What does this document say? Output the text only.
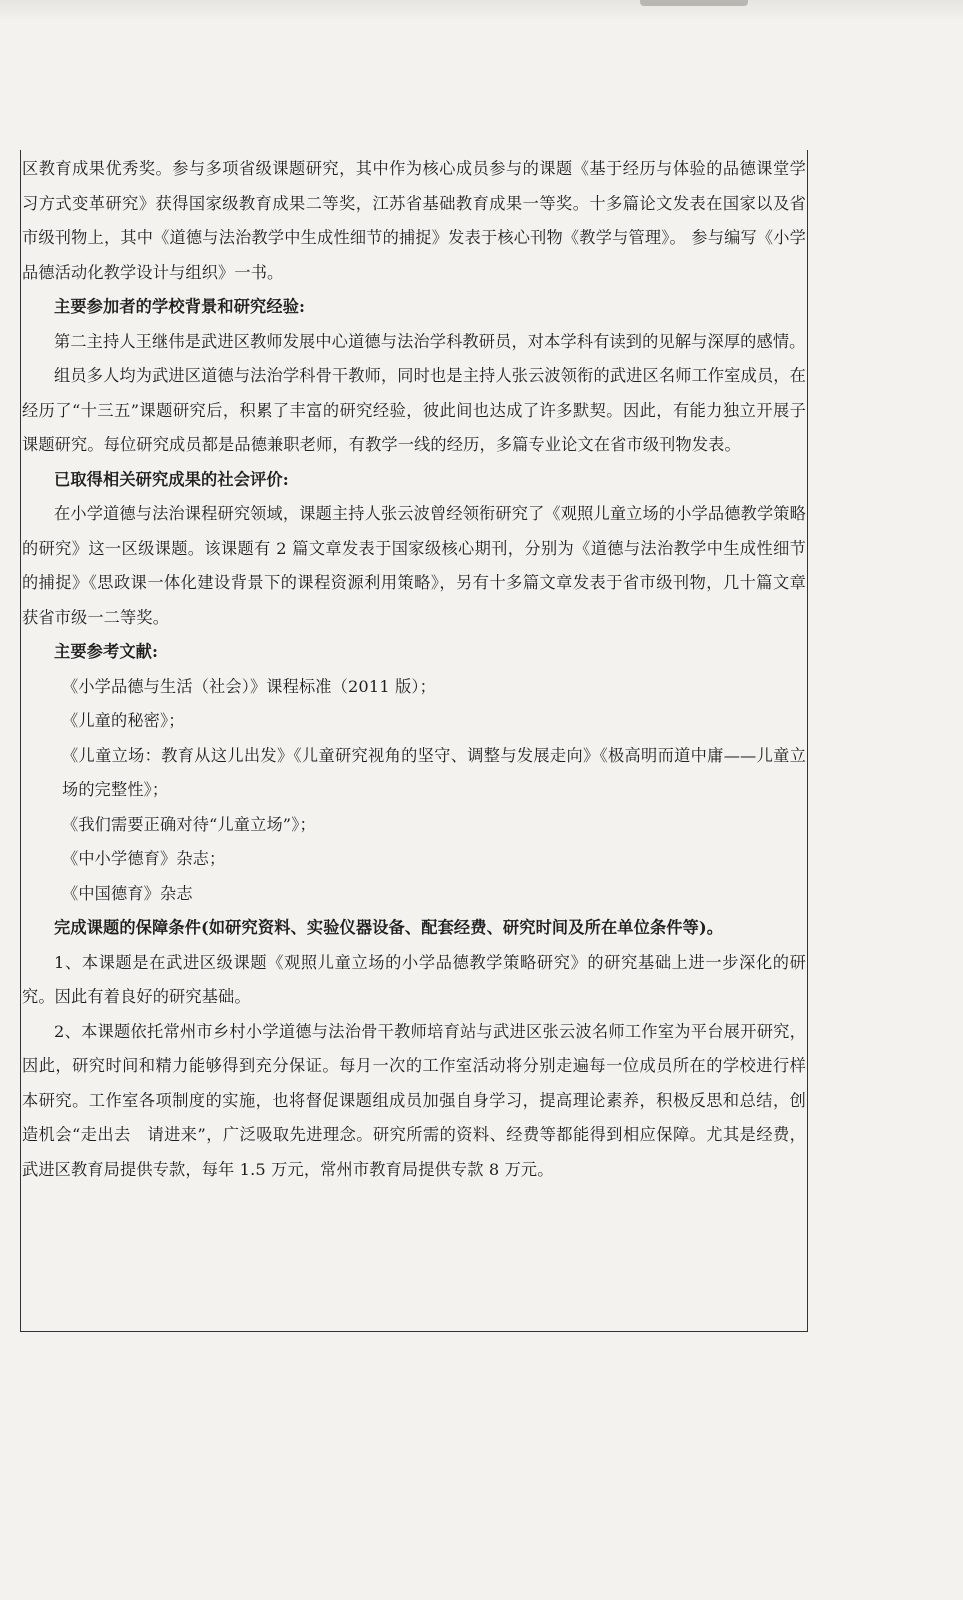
区教育成果优秀奖。参与多项省级课题研究，其中作为核心成员参与的课题《基于经历与体验的品德课堂学习方式变革研究》获得国家级教育成果二等奖，江苏省基础教育成果一等奖。十多篇论文发表在国家以及省市级刊物上，其中《道德与法治教学中生成性细节的捕捉》发表于核心刊物《教学与管理》。 参与编写《小学品德活动化教学设计与组织》一书。

主要参加者的学校背景和研究经验:

第二主持人王继伟是武进区教师发展中心道德与法治学科教研员，对本学科有读到的见解与深厚的感情。

组员多人均为武进区道德与法治学科骨干教师，同时也是主持人张云波领衔的武进区名师工作室成员，在经历了“十三五”课题研究后，积累了丰富的研究经验，彼此间也达成了许多默契。因此，有能力独立开展子课题研究。每位研究成员都是品德兼职老师，有教学一线的经历，多篇专业论文在省市级刊物发表。

已取得相关研究成果的社会评价:

在小学道德与法治课程研究领域，课题主持人张云波曾经领衔研究了《观照儿童立场的小学品德教学策略的研究》这一区级课题。该课题有 2 篇文章发表于国家级核心期刊，分别为《道德与法治教学中生成性细节的捕捉》《思政课一体化建设背景下的课程资源利用策略》，另有十多篇文章发表于省市级刊物，几十篇文章获省市级一二等奖。

主要参考文献:

《小学品德与生活（社会）》课程标准（2011 版）；

《儿童的秘密》；

《儿童立场：教育从这儿出发》《儿童研究视角的坚守、调整与发展走向》《极高明而道中庸——儿童立场的完整性》；

《我们需要正确对待“儿童立场”》；

《中小学德育》杂志；

《中国德育》杂志

完成课题的保障条件(如研究资料、实验仪器设备、配套经费、研究时间及所在单位条件等)。

1、本课题是在武进区级课题《观照儿童立场的小学品德教学策略研究》的研究基础上进一步深化的研究。因此有着良好的研究基础。

2、本课题依托常州市乡村小学道德与法治骨干教师培育站与武进区张云波名师工作室为平台展开研究，因此，研究时间和精力能够得到充分保证。每月一次的工作室活动将分别走遍每一位成员所在的学校进行样本研究。工作室各项制度的实施，也将督促课题组成员加强自身学习，提高理论素养，积极反思和总结，创造机会“走出去　请进来”，广泛吸取先进理念。研究所需的资料、经费等都能得到相应保障。尤其是经费，武进区教育局提供专款，每年 1.5 万元，常州市教育局提供专款 8 万元。
